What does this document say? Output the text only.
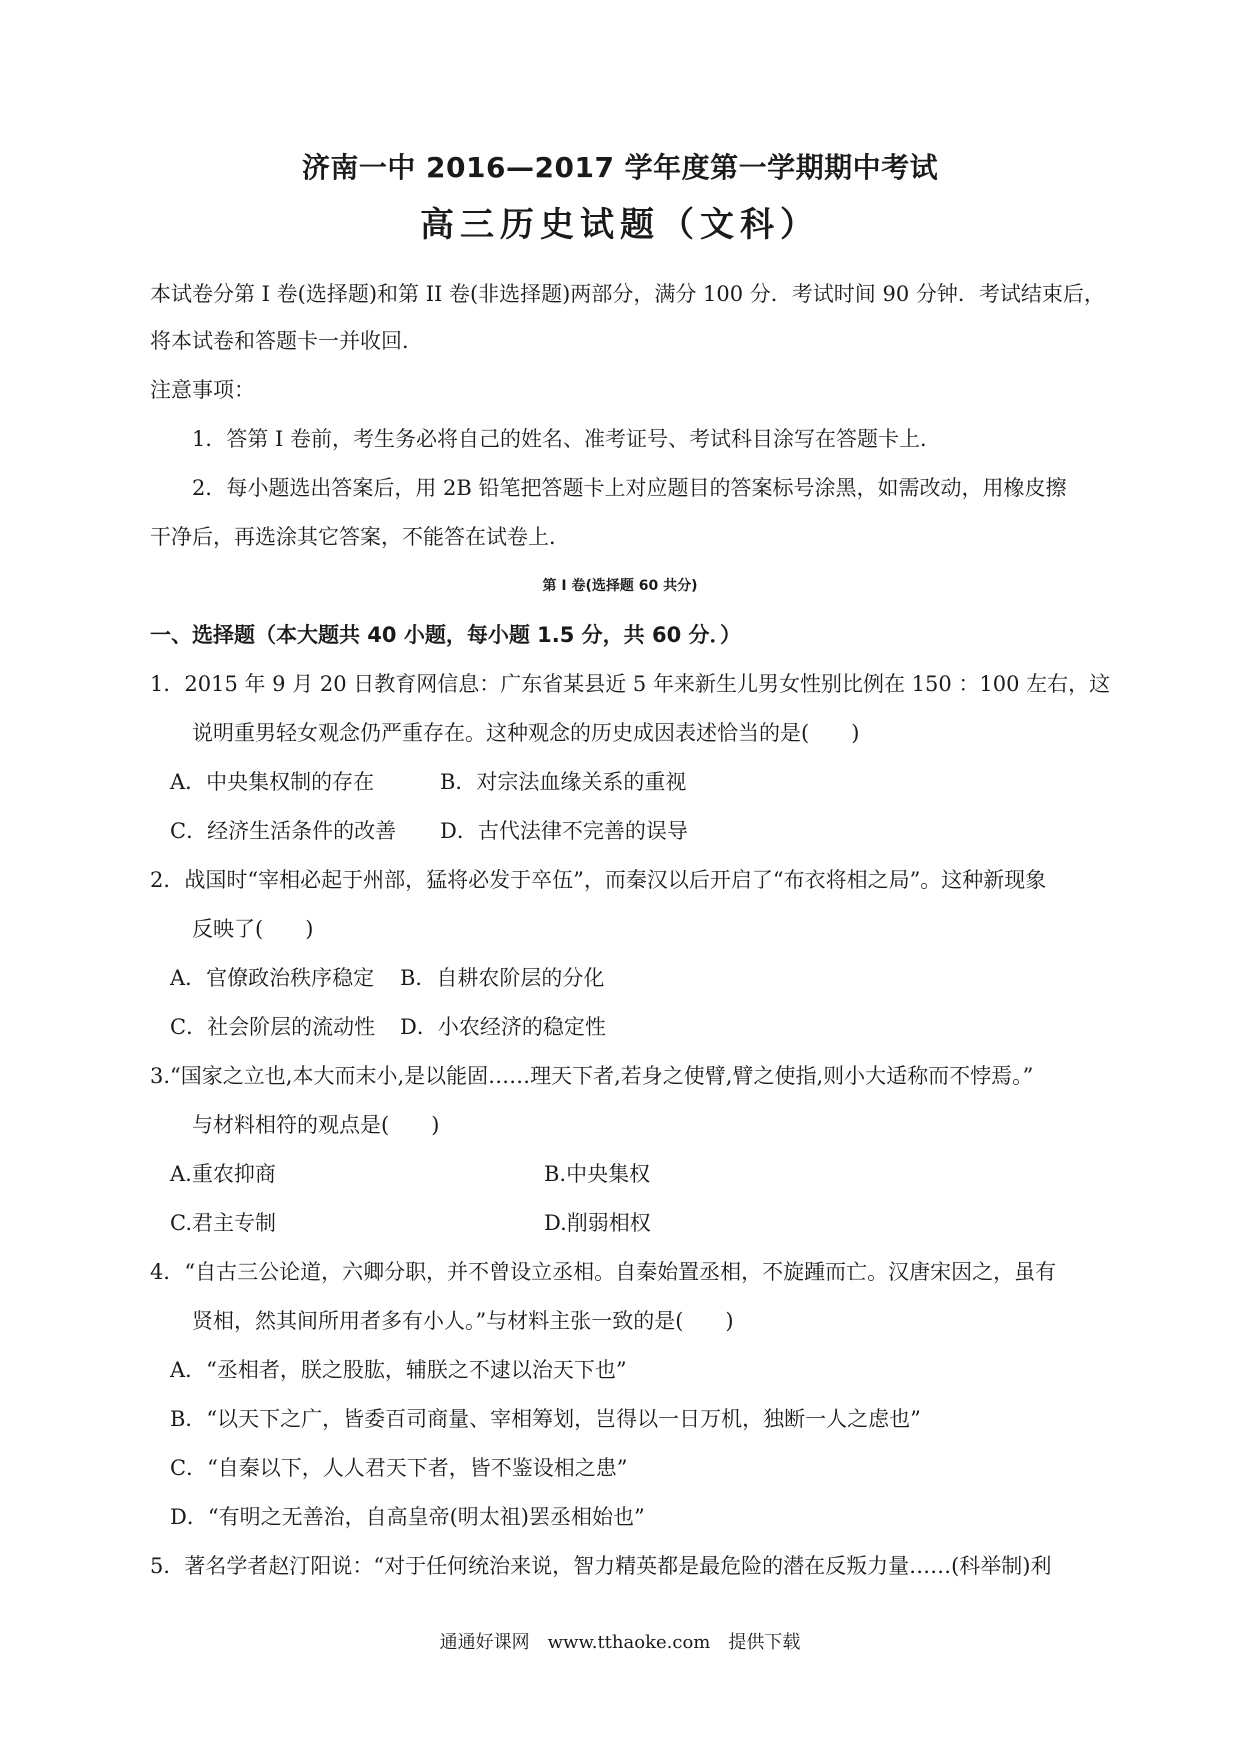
济南一中 2016—2017 学年度第一学期期中考试
高三历史试题（文科）
本试卷分第 I 卷(选择题)和第 II 卷(非选择题)两部分，满分 100 分．考试时间 90 分钟．考试结束后，
将本试卷和答题卡一并收回．
注意事项：
1．答第 I 卷前，考生务必将自己的姓名、准考证号、考试科目涂写在答题卡上．
2．每小题选出答案后，用 2B 铅笔把答题卡上对应题目的答案标号涂黑，如需改动，用橡皮擦
干净后，再选涂其它答案，不能答在试卷上．
第 I 卷(选择题 60 共分)
一、选择题（本大题共 40 小题，每小题 1.5 分，共 60 分．）
1．2015 年 9 月 20 日教育网信息：广东省某县近 5 年来新生儿男女性别比例在 150 ：100 左右，这
说明重男轻女观念仍严重存在。这种观念的历史成因表述恰当的是(　　)
A．中央集权制的存在	B．对宗法血缘关系的重视
C．经济生活条件的改善 D．古代法律不完善的误导
2．战国时“宰相必起于州部，猛将必发于卒伍”，而秦汉以后开启了“布衣将相之局”。这种新现象
反映了(　　)
A．官僚政治秩序稳定 B．自耕农阶层的分化
C．社会阶层的流动性 D．小农经济的稳定性
3.“国家之立也,本大而末小,是以能固……理天下者,若身之使臂,臂之使指,则小大适称而不悖焉。”
与材料相符的观点是(　　)
A.重农抑商	B.中央集权
C.君主专制	D.削弱相权
4．“自古三公论道，六卿分职，并不曾设立丞相。自秦始置丞相，不旋踵而亡。汉唐宋因之，虽有
贤相，然其间所用者多有小人。”与材料主张一致的是(　　)
A．“丞相者，朕之股肱，辅朕之不逮以治天下也”
B．“以天下之广，皆委百司商量、宰相筹划，岂得以一日万机，独断一人之虑也”
C．“自秦以下，人人君天下者，皆不鉴设相之患”
D．“有明之无善治，自高皇帝(明太祖)罢丞相始也”
5．著名学者赵汀阳说：“对于任何统治来说，智力精英都是最危险的潜在反叛力量……(科举制)利
通通好课网　www.tthaoke.com　提供下载
